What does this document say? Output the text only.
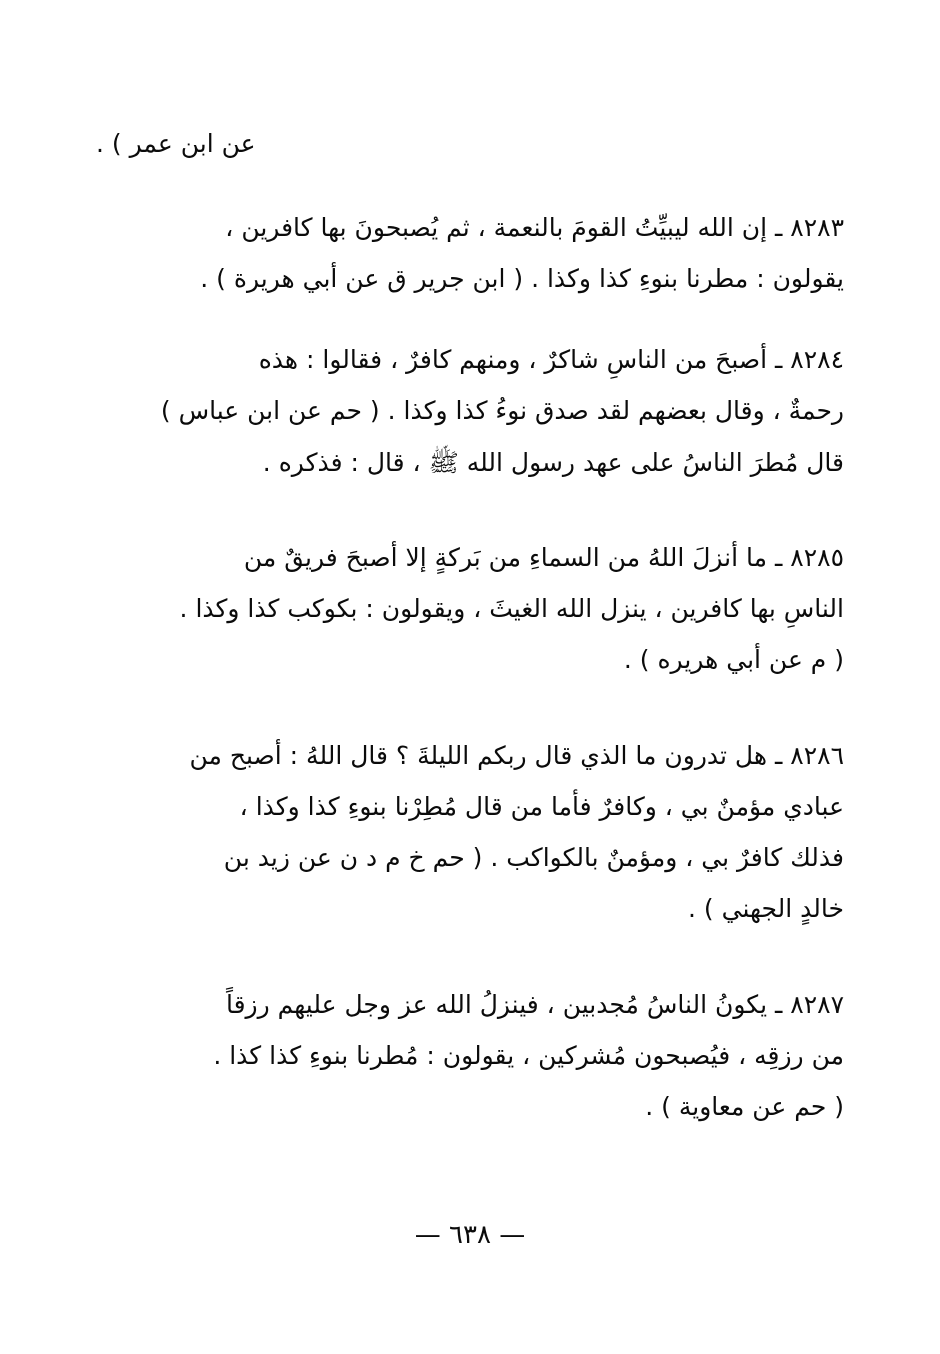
عن ابن عمر ) .
٨٢٨٣ ـ إن الله ليبيِّتُ القومَ بالنعمة ، ثم يُصبحونَ بها كافرين ،
يقولون : مطرنا بنوءِ كذا وكذا . ( ابن جرير ق عن أبي هريرة ) .
٨٢٨٤ ـ أصبحَ من الناسِ شاكرٌ ، ومنهم كافرٌ ، فقالوا : هذه
رحمةٌ ، وقال بعضهم لقد صدق نوءُ كذا وكذا . ( حم عن ابن عباس )
قال مُطرَ الناسُ على عهد رسول الله ﷺ ، قال : فذكره .
٨٢٨٥ ـ ما أنزلَ اللهُ من السماءِ من بَركةٍ إلا أصبحَ فريقٌ من
الناسِ بها كافرين ، ينزل الله الغيثَ ، ويقولون : بكوكب كذا وكذا .
( م عن أبي هريره ) .
٨٢٨٦ ـ هل تدرون ما الذي قال ربكم الليلةَ ؟ قال اللهُ : أصبح من
عبادي مؤمنٌ بي ، وكافرٌ فأما من قال مُطِرْنا بنوءِ كذا وكذا ،
فذلك كافرٌ بي ، ومؤمنٌ بالكواكب . ( حم خ م د ن عن زيد بن
خالدٍ الجهني ) .
٨٢٨٧ ـ يكونُ الناسُ مُجدبين ، فينزلُ الله عز وجل عليهم رزقاً
من رزقِه ، فيُصبحون مُشركين ، يقولون : مُطرنا بنوءِ كذا كذا .
( حم عن معاوية ) .
— ٦٣٨ —
